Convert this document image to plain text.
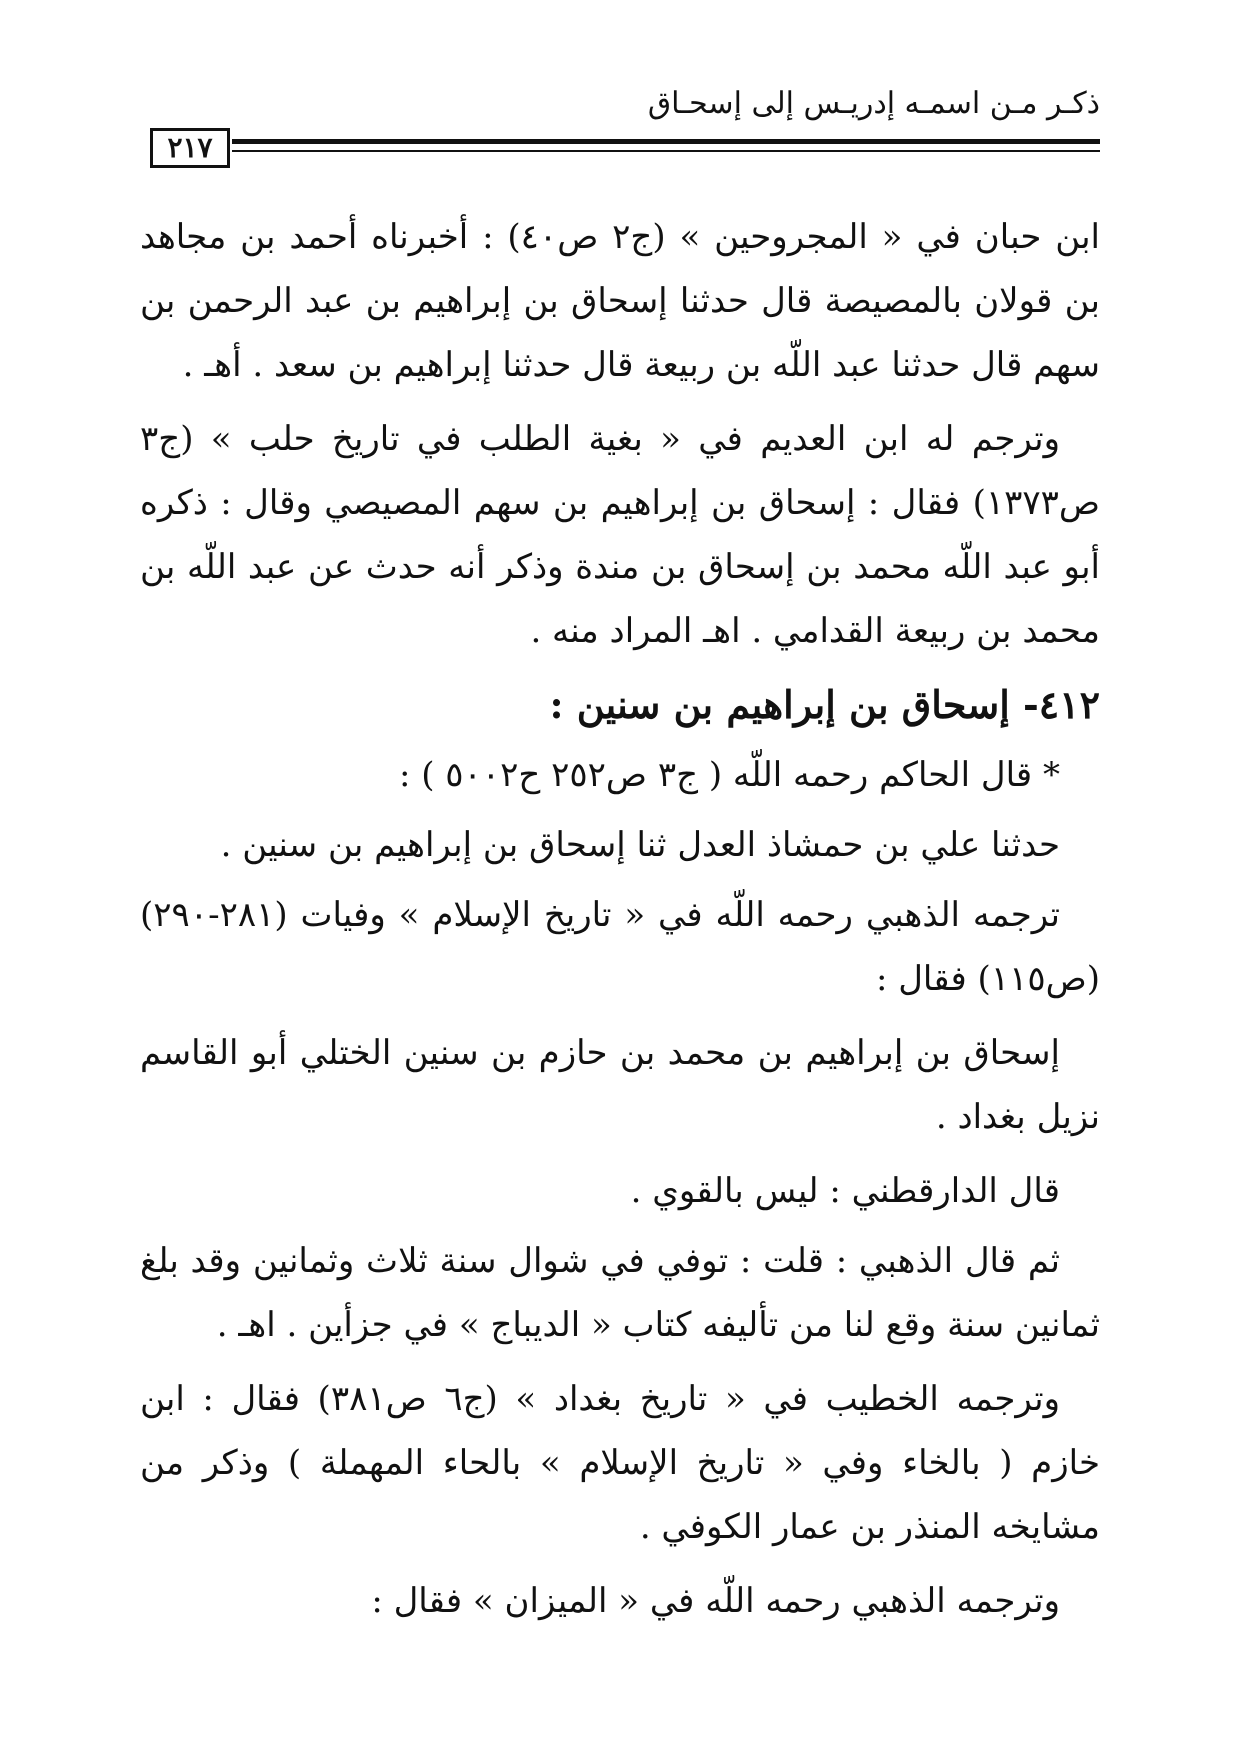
ذكـر مـن اسمـه إدريـس إلى إسحـاق
٢١٧

ابن حبان في « المجروحين » (ج٢ ص٤٠) : أخبرناه أحمد بن مجاهد بن قولان بالمصيصة قال حدثنا إسحاق بن إبراهيم بن عبد الرحمن بن سهم قال حدثنا عبد اللّه بن ربيعة قال حدثنا إبراهيم بن سعد . أهـ .

وترجم له ابن العديم في « بغية الطلب في تاريخ حلب » (ج٣ ص١٣٧٣) فقال : إسحاق بن إبراهيم بن سهم المصيصي وقال : ذكره أبو عبد اللّه محمد بن إسحاق بن مندة وذكر أنه حدث عن عبد اللّه بن محمد بن ربيعة القدامي . اهـ المراد منه .

٤١٢- إسحاق بن إبراهيم بن سنين :

* قال الحاكم رحمه اللّه ( ج٣ ص٢٥٢ ح٥٠٠٢ ) :

حدثنا علي بن حمشاذ العدل ثنا إسحاق بن إبراهيم بن سنين .

ترجمه الذهبي رحمه اللّه في « تاريخ الإسلام » وفيات (٢٨١-٢٩٠) (ص١١٥) فقال :

إسحاق بن إبراهيم بن محمد بن حازم بن سنين الختلي أبو القاسم نزيل بغداد .

قال الدارقطني : ليس بالقوي .

ثم قال الذهبي : قلت : توفي في شوال سنة ثلاث وثمانين وقد بلغ ثمانين سنة وقع لنا من تأليفه كتاب « الديباج » في جزأين . اهـ .

وترجمه الخطيب في « تاريخ بغداد » (ج٦ ص٣٨١) فقال : ابن خازم ( بالخاء وفي « تاريخ الإسلام » بالحاء المهملة ) وذكر من مشايخه المنذر بن عمار الكوفي .

وترجمه الذهبي رحمه اللّه في « الميزان » فقال :
